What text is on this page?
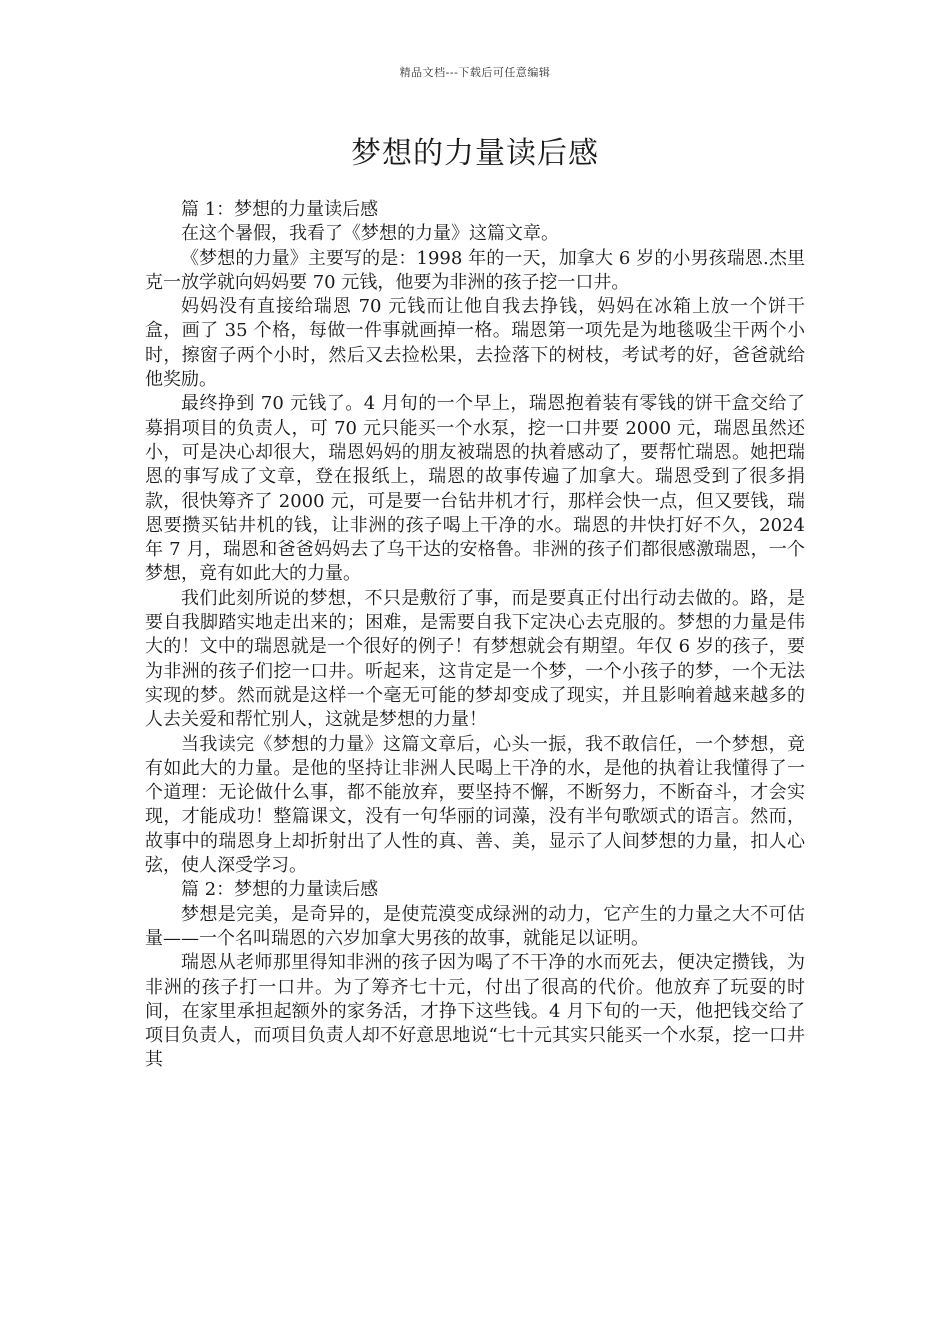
精品文档---下载后可任意编辑
梦想的力量读后感

篇 1：梦想的力量读后感

在这个暑假，我看了《梦想的力量》这篇文章。

《梦想的力量》主要写的是：1998 年的一天，加拿大 6 岁的小男孩瑞恩.杰里克一放学就向妈妈要 70 元钱，他要为非洲的孩子挖一口井。

妈妈没有直接给瑞恩 70 元钱而让他自我去挣钱，妈妈在冰箱上放一个饼干盒，画了 35 个格，每做一件事就画掉一格。瑞恩第一项先是为地毯吸尘干两个小时，擦窗子两个小时，然后又去捡松果，去捡落下的树枝，考试考的好，爸爸就给他奖励。

最终挣到 70 元钱了。4 月旬的一个早上，瑞恩抱着装有零钱的饼干盒交给了募捐项目的负责人，可 70 元只能买一个水泵，挖一口井要 2000 元，瑞恩虽然还小，可是决心却很大，瑞恩妈妈的朋友被瑞恩的执着感动了，要帮忙瑞恩。她把瑞恩的事写成了文章，登在报纸上，瑞恩的故事传遍了加拿大。瑞恩受到了很多捐款，很快筹齐了 2000 元，可是要一台钻井机才行，那样会快一点，但又要钱，瑞恩要攒买钻井机的钱，让非洲的孩子喝上干净的水。瑞恩的井快打好不久，2024 年 7 月，瑞恩和爸爸妈妈去了乌干达的安格鲁。非洲的孩子们都很感激瑞恩，一个梦想，竟有如此大的力量。

我们此刻所说的梦想，不只是敷衍了事，而是要真正付出行动去做的。路，是要自我脚踏实地走出来的；困难，是需要自我下定决心去克服的。梦想的力量是伟大的！文中的瑞恩就是一个很好的例子！有梦想就会有期望。年仅 6 岁的孩子，要为非洲的孩子们挖一口井。听起来，这肯定是一个梦，一个小孩子的梦，一个无法实现的梦。然而就是这样一个毫无可能的梦却变成了现实，并且影响着越来越多的人去关爱和帮忙别人，这就是梦想的力量！

当我读完《梦想的力量》这篇文章后，心头一振，我不敢信任，一个梦想，竟有如此大的力量。是他的坚持让非洲人民喝上干净的水，是他的执着让我懂得了一个道理：无论做什么事，都不能放弃，要坚持不懈，不断努力，不断奋斗，才会实现，才能成功！整篇课文，没有一句华丽的词藻，没有半句歌颂式的语言。然而，故事中的瑞恩身上却折射出了人性的真、善、美，显示了人间梦想的力量，扣人心弦，使人深受学习。

篇 2：梦想的力量读后感

梦想是完美，是奇异的，是使荒漠变成绿洲的动力，它产生的力量之大不可估量——一个名叫瑞恩的六岁加拿大男孩的故事，就能足以证明。

瑞恩从老师那里得知非洲的孩子因为喝了不干净的水而死去，便决定攒钱，为非洲的孩子打一口井。为了筹齐七十元，付出了很高的代价。他放弃了玩耍的时间，在家里承担起额外的家务活，才挣下这些钱。4 月下旬的一天，他把钱交给了项目负责人，而项目负责人却不好意思地说“七十元其实只能买一个水泵，挖一口井其
